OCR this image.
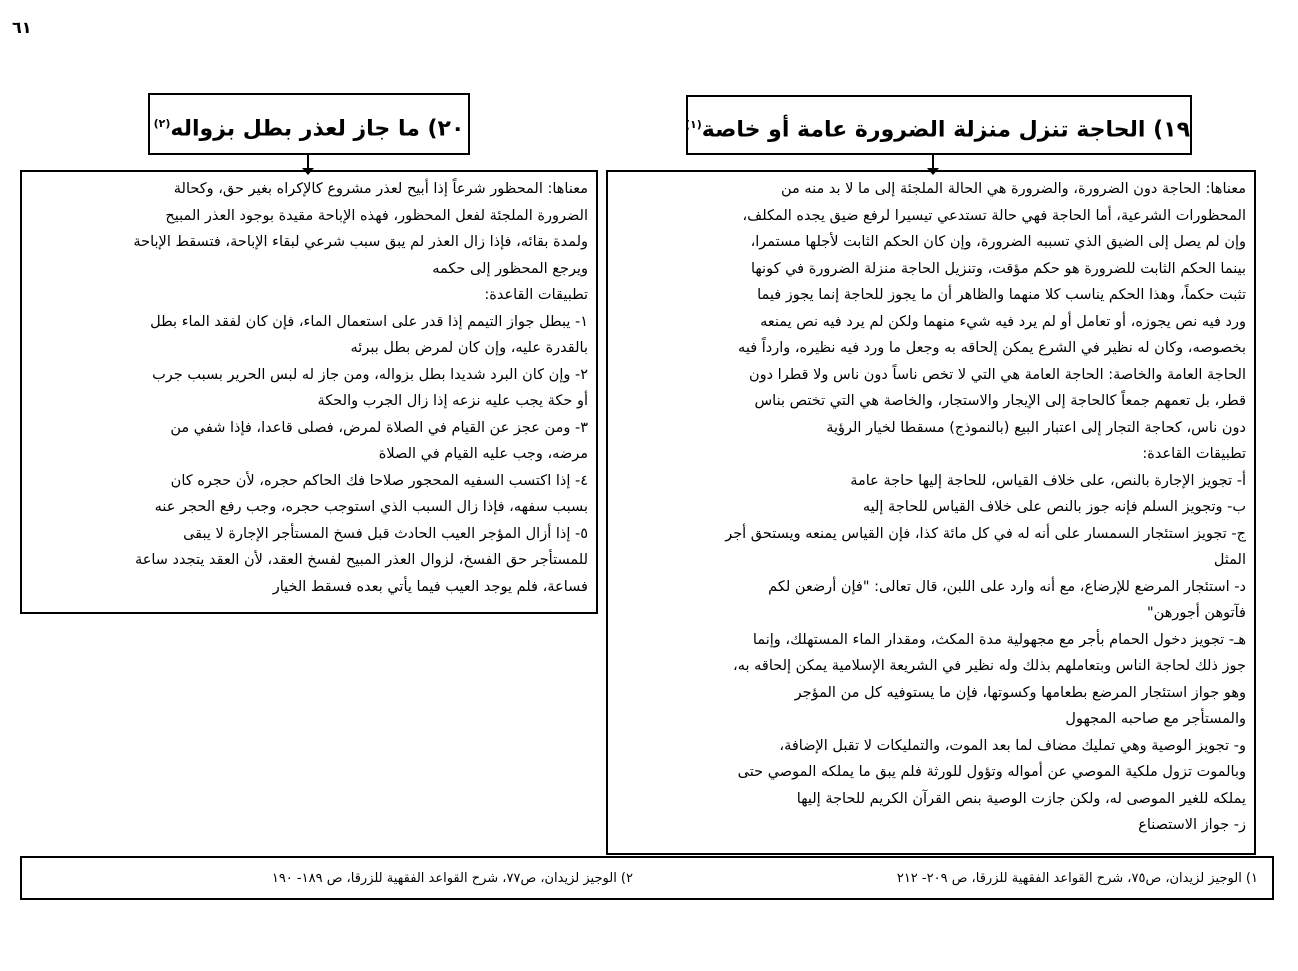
٦١
١٩) الحاجة تنزل منزلة الضرورة عامة أو خاصة$^{(١)}$
٢٠) ما جاز لعذر بطل بزواله$^{(٢)}$

معناها: الحاجة دون الضرورة، والضرورة هي الحالة الملجئة إلى ما لا بد منه من

المحظورات الشرعية، أما الحاجة فهي حالة تستدعي تيسيرا لرفع ضيق يجده المكلف،

وإن لم يصل إلى الضيق الذي تسببه الضرورة، وإن كان الحكم الثابت لأجلها مستمرا،

بينما الحكم الثابت للضرورة هو حكم مؤقت، وتنزيل الحاجة منزلة الضرورة في كونها

تثبت حكماً، وهذا الحكم يناسب كلا منهما والظاهر أن ما يجوز للحاجة إنما يجوز فيما

ورد فيه نص يجوزه، أو تعامل أو لم يرد فيه شيء منهما ولكن لم يرد فيه نص يمنعه

بخصوصه، وكان له نظير في الشرع يمكن إلحاقه به وجعل ما ورد فيه نظيره، وارداً فيه

الحاجة العامة والخاصة: الحاجة العامة هي التي لا تخص ناساً دون ناس ولا قطرا دون

قطر، بل تعمهم جمعاً كالحاجة إلى الإيجار والاستجار، والخاصة هي التي تختص بناس

دون ناس، كحاجة التجار إلى اعتبار البيع (بالنموذج) مسقطا لخيار الرؤية

تطبيقات القاعدة:

أ- تجويز الإجارة بالنص، على خلاف القياس، للحاجة إليها حاجة عامة

ب- وتجويز السلم فإنه جوز بالنص على خلاف القياس للحاجة إليه

ج- تجويز استئجار السمسار على أنه له في كل مائة كذا، فإن القياس يمنعه ويستحق أجر

المثل

د- استئجار المرضع للإرضاع، مع أنه وارد على اللبن، قال تعالى: "فإن أرضعن لكم

فآتوهن أجورهن"

هـ- تجويز دخول الحمام بأجر مع مجهولية مدة المكث، ومقدار الماء المستهلك، وإنما

جوز ذلك لحاجة الناس وبتعاملهم بذلك وله نظير في الشريعة الإسلامية يمكن إلحاقه به،

وهو جواز استئجار المرضع بطعامها وكسوتها، فإن ما يستوفيه كل من المؤجر

والمستأجر مع صاحبه المجهول

و- تجويز الوصية وهي تمليك مضاف لما بعد الموت، والتمليكات لا تقبل الإضافة،

وبالموت تزول ملكية الموصي عن أمواله وتؤول للورثة فلم يبق ما يملكه الموصي حتى

يملكه للغير الموصى له، ولكن جازت الوصية بنص القرآن الكريم للحاجة إليها

ز- جواز الاستصناع

معناها: المحظور شرعاً إذا أبيح لعذر مشروع كالإكراه بغير حق، وكحالة

الضرورة الملجئة لفعل المحظور، فهذه الإباحة مقيدة بوجود العذر المبيح

ولمدة بقائه، فإذا زال العذر لم يبق سبب شرعي لبقاء الإباحة، فتسقط الإباحة

ويرجع المحظور إلى حكمه

تطبيقات القاعدة:

١- يبطل جواز التيمم إذا قدر على استعمال الماء، فإن كان لفقد الماء بطل

بالقدرة عليه، وإن كان لمرض بطل ببرئه

٢- وإن كان البرد شديدا بطل بزواله، ومن جاز له لبس الحرير بسبب جرب

أو حكة يجب عليه نزعه إذا زال الجرب والحكة

٣- ومن عجز عن القيام في الصلاة لمرض، فصلى قاعدا، فإذا شفي من

مرضه، وجب عليه القيام في الصلاة

٤- إذا اكتسب السفيه المحجور صلاحا فك الحاكم حجره، لأن حجره كان

بسبب سفهه، فإذا زال السبب الذي استوجب حجره، وجب رفع الحجر عنه

٥- إذا أزال المؤجر العيب الحادث قبل فسخ المستأجر الإجارة لا يبقى

للمستأجر حق الفسخ، لزوال العذر المبيح لفسخ العقد، لأن العقد يتجدد ساعة

فساعة، فلم يوجد العيب فيما يأتي بعده فسقط الخيار

١) الوجيز لزيدان، ص٧٥، شرح القواعد الفقهية للزرقا، ص ٢٠٩- ٢١٢
٢) الوجيز لزيدان، ص٧٧، شرح القواعد الفقهية للزرقا، ص ١٨٩- ١٩٠
